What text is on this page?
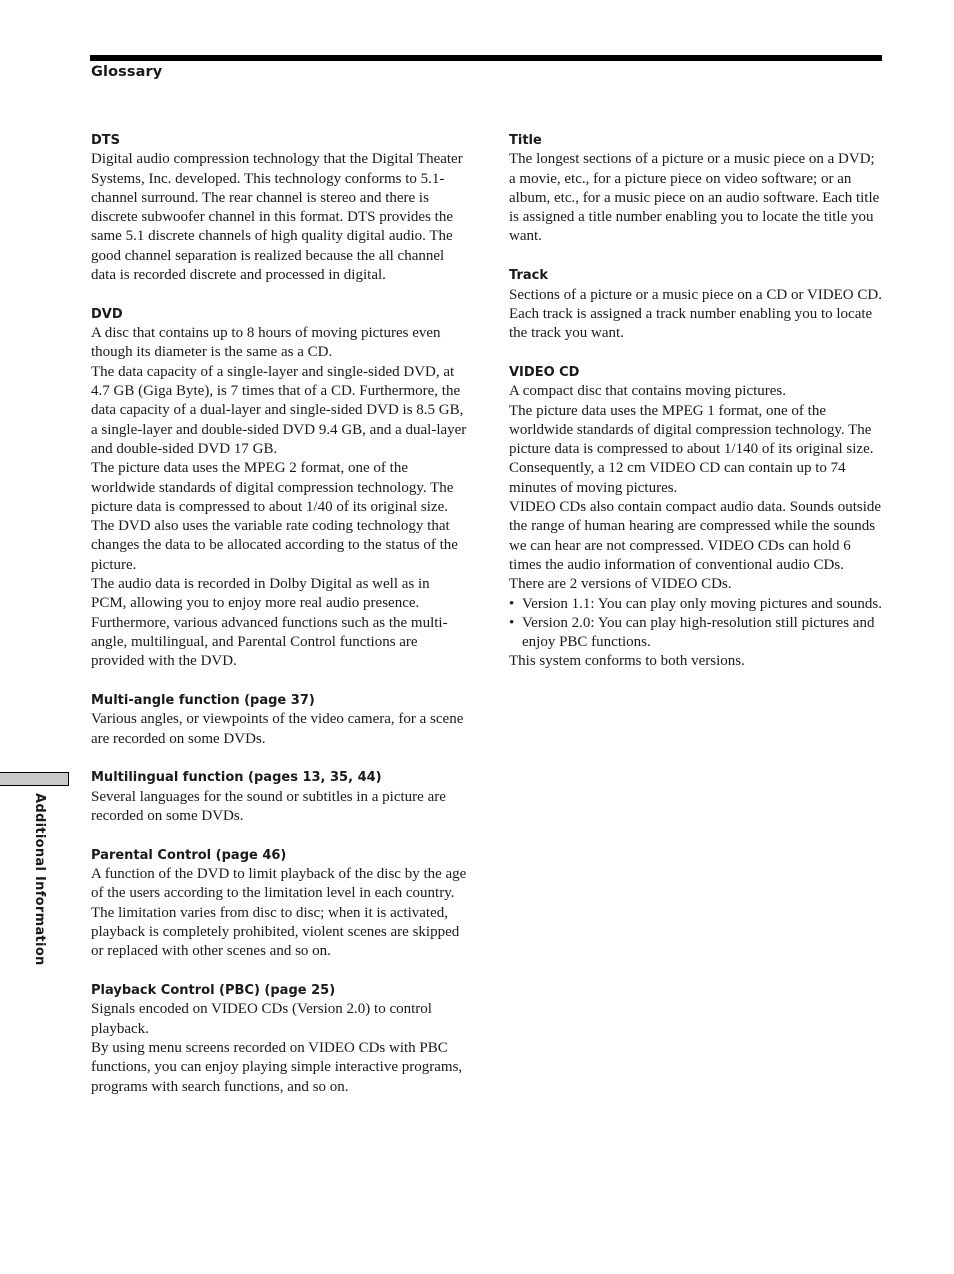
Glossary
DTS

Digital audio compression technology that the Digital Theater Systems, Inc. developed. This technology conforms to 5.1-channel surround. The rear channel is stereo and there is discrete subwoofer channel in this format. DTS provides the same 5.1 discrete channels of high quality digital audio. The good channel separation is realized because the all channel data is recorded discrete and processed in digital.

DVD

A disc that contains up to 8 hours of moving pictures even though its diameter is the same as a CD.

The data capacity of a single-layer and single-sided DVD, at 4.7 GB (Giga Byte), is 7 times that of a CD. Furthermore, the data capacity of a dual-layer and single-sided DVD is 8.5 GB, a single-layer and double-sided DVD 9.4 GB, and a dual-layer and double-sided DVD 17 GB.

The picture data uses the MPEG 2 format, one of the worldwide standards of digital compression technology. The picture data is compressed to about 1/40 of its original size. The DVD also uses the variable rate coding technology that changes the data to be allocated according to the status of the picture.

The audio data is recorded in Dolby Digital as well as in PCM, allowing you to enjoy more real audio presence.

Furthermore, various advanced functions such as the multi-angle, multilingual, and Parental Control functions are provided with the DVD.

Multi-angle function (page 37)

Various angles, or viewpoints of the video camera, for a scene are recorded on some DVDs.

Multilingual function (pages 13, 35, 44)

Several languages for the sound or subtitles in a picture are recorded on some DVDs.

Parental Control (page 46)

A function of the DVD to limit playback of the disc by the age of the users according to the limitation level in each country. The limitation varies from disc to disc; when it is activated, playback is completely prohibited, violent scenes are skipped or replaced with other scenes and so on.

Playback Control (PBC) (page 25)

Signals encoded on VIDEO CDs (Version 2.0) to control playback.

By using menu screens recorded on VIDEO CDs with PBC functions, you can enjoy playing simple interactive programs, programs with search functions, and so on.

Title

The longest sections of a picture or a music piece on a DVD; a movie, etc., for a picture piece on video software; or an album, etc., for a music piece on an audio software. Each title is assigned a title number enabling you to locate the title you want.

Track

Sections of a picture or a music piece on a CD or VIDEO CD. Each track is assigned a track number enabling you to locate the track you want.

VIDEO CD

A compact disc that contains moving pictures.

The picture data uses the MPEG 1 format, one of the worldwide standards of digital compression technology. The picture data is compressed to about 1/140 of its original size. Consequently, a 12 cm VIDEO CD can contain up to 74 minutes of moving pictures.

VIDEO CDs also contain compact audio data. Sounds outside the range of human hearing are compressed while the sounds we can hear are not compressed. VIDEO CDs can hold 6 times the audio information of conventional audio CDs.

There are 2 versions of VIDEO CDs.

• Version 1.1: You can play only moving pictures and sounds.
• Version 2.0: You can play high-resolution still pictures and enjoy PBC functions.

This system conforms to both versions.

Additional Information
